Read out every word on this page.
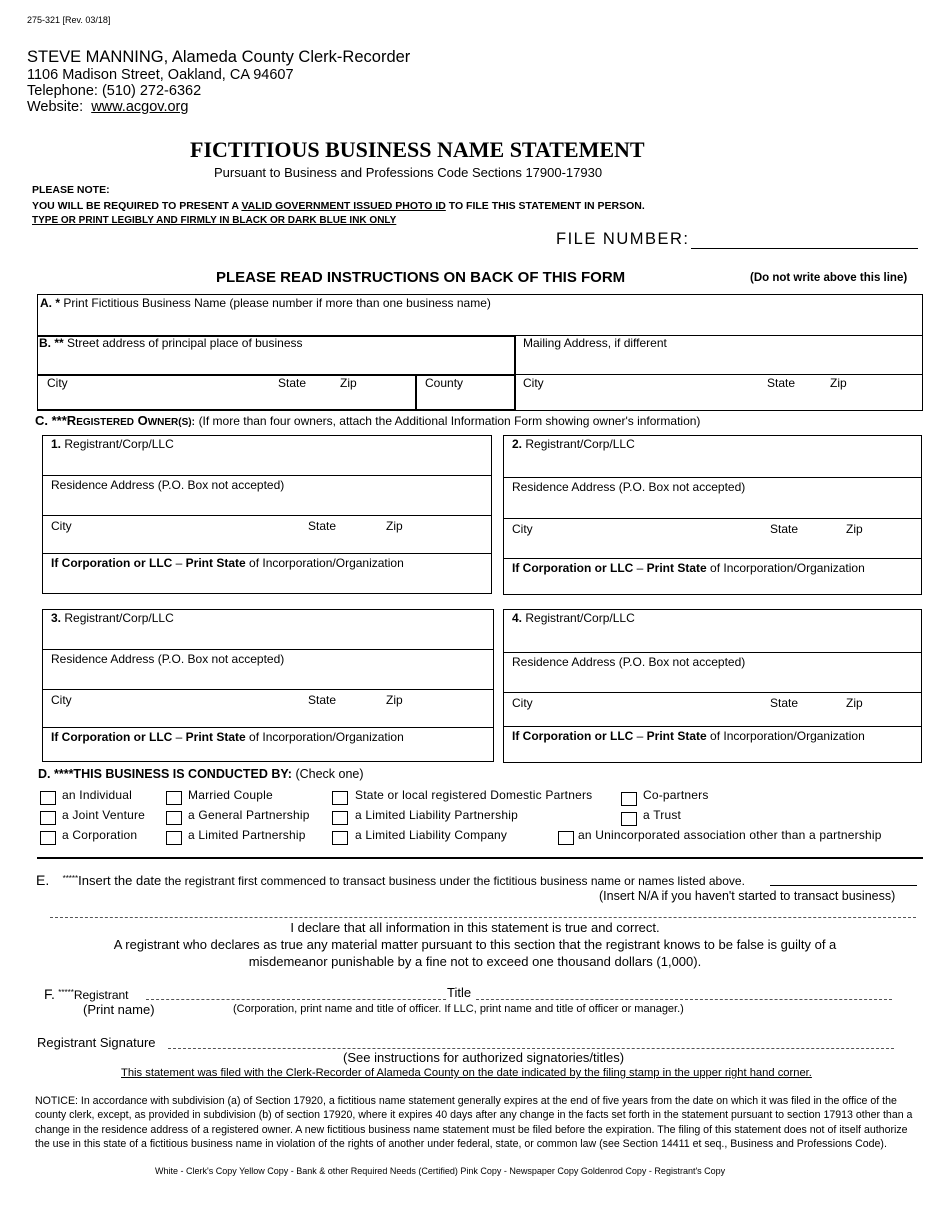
275-321 [Rev. 03/18]
STEVE MANNING, Alameda County Clerk-Recorder
1106 Madison Street, Oakland, CA 94607
Telephone: (510) 272-6362
Website: www.acgov.org
FICTITIOUS BUSINESS NAME STATEMENT
Pursuant to Business and Professions Code Sections 17900-17930
PLEASE NOTE:
YOU WILL BE REQUIRED TO PRESENT A VALID GOVERNMENT ISSUED PHOTO ID TO FILE THIS STATEMENT IN PERSON.
TYPE OR PRINT LEGIBLY AND FIRMLY IN BLACK OR DARK BLUE INK ONLY
FILE NUMBER:
PLEASE READ INSTRUCTIONS ON BACK OF THIS FORM	(Do not write above this line)
A. * Print Fictitious Business Name (please number if more than one business name)
B. ** Street address of principal place of business
City	State	Zip	County
Mailing Address, if different
City	State	Zip
C. ***REGISTERED OWNER(S): (If more than four owners, attach the Additional Information Form showing owner's information)
1. Registrant/Corp/LLC
Residence Address (P.O. Box not accepted)
City	State	Zip
If Corporation or LLC – Print State of Incorporation/Organization
2. Registrant/Corp/LLC
Residence Address (P.O. Box not accepted)
City	State	Zip
If Corporation or LLC – Print State of Incorporation/Organization
3. Registrant/Corp/LLC
Residence Address (P.O. Box not accepted)
City	State	Zip
If Corporation or LLC – Print State of Incorporation/Organization
4. Registrant/Corp/LLC
Residence Address (P.O. Box not accepted)
City	State	Zip
If Corporation or LLC – Print State of Incorporation/Organization
D. ****THIS BUSINESS IS CONDUCTED BY: (Check one)
an Individual	Married Couple	State or local registered Domestic Partners	Co-partners
a Joint Venture	a General Partnership	a Limited Liability Partnership	a Trust
a Corporation	a Limited Partnership	a Limited Liability Company	an Unincorporated association other than a partnership
E. *****Insert the date the registrant first commenced to transact business under the fictitious business name or names listed above.
(Insert N/A if you haven't started to transact business)
I declare that all information in this statement is true and correct.
A registrant who declares as true any material matter pursuant to this section that the registrant knows to be false is guilty of a
misdemeanor punishable by a fine not to exceed one thousand dollars (1,000).
F. *****Registrant	Title
(Print name)	(Corporation, print name and title of officer. If LLC, print name and title of officer or manager.)
Registrant Signature
(See instructions for authorized signatories/titles)
This statement was filed with the Clerk-Recorder of Alameda County on the date indicated by the filing stamp in the upper right hand corner.
NOTICE: In accordance with subdivision (a) of Section 17920, a fictitious name statement generally expires at the end of five years from the date on which it was filed in the office of the county clerk, except, as provided in subdivision (b) of section 17920, where it expires 40 days after any change in the facts set forth in the statement pursuant to section 17913 other than a change in the residence address of a registered owner. A new fictitious business name statement must be filed before the expiration. The filing of this statement does not of itself authorize the use in this state of a fictitious business name in violation of the rights of another under federal, state, or common law (see Section 14411 et seq., Business and Professions Code).
White - Clerk's Copy Yellow Copy - Bank & other Required Needs (Certified) Pink Copy - Newspaper Copy Goldenrod Copy - Registrant's Copy
